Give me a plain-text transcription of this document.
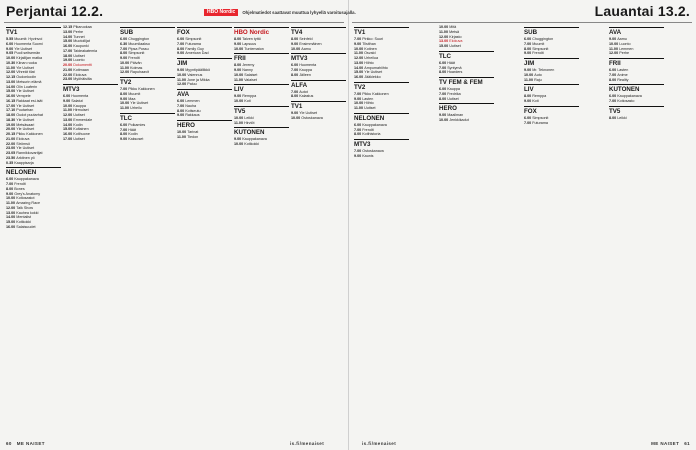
Perjantai 12.2.
TV1
5.55 Muumit: Hyvinvoi
6.00 Huomenta Suomi
9.00 Yle Uutiset
9.05 Puoli seitsemän
10.00 Kirjailijan matka
10.30 Kiinan ruoka
11.00 Yle Uutiset
12.00 Vihreät tilat
12.15 Oudonkodin
13.00 Metsurin elämä
14.00 Olin Loaferin
15.00 Yle Uutiset
16.00 Vempele
16.15 Rakkaat esi-isät
17.00 Yle Uutiset
17.10 Puutarhan
18.00 Oudot puutarhat
18.30 Yle Uutiset
19.00 Metsäsaari
20.00 Yle Uutiset
20.15 Pikku Kakkonen
21.00 Elokuva
22.00 Strömsö
23.00 Yle Uutiset
23.05 Rannikkovartijat
23.50 Arktinen yö
0.35 Kaappisarja
NELONEN
6.00 Kauppakanava
7.00 Frendit
8.00 Bones
9.00 Grey's Anatomy
10.00 Kotiosastot
11.00 Amazing Race
12.00 Talk Show
13.00 Kauhea kokki
14.00 Mentalist
15.00 Kotikokki
16.00 Salaisuudet
12.15 Pikaruokaa
13.00 Perhe
14.00 Tunnet
15.00 Muotoilijat
16.00 Kaupunki
17.00 Taideakatemia
18.00 Uutiset
19.00 Luonto
20.00 Dokumentti
21.00 Kotimaan
22.00 Elokuva
23.00 Myöhäisilta
MTV3
6.00 Huomenta
9.00 Salatut
10.00 Kauppa
11.00 Hirmuiset
12.00 Uutiset
13.00 Emmerdale
14.00 Kodin
15.00 Kultainen
16.00 Kotihuone
17.00 Uutiset
SUB
6.00 Chuggington
6.30 Muumilaakso
7.00 Pipsa Possu
8.00 Simpsonit
9.00 Frendit
10.00 Päivän
11.00 Kolmas
12.00 Rapuhaavit
TV2
7.00 Pikku Kakkonen
8.00 Muumit
9.00 Maa
10.00 Yle Uutiset
11.00 Urheilu
TLC
6.00 Poikamies
7.00 Häät
8.00 Kodin
9.00 Kaksoset
FOX
6.00 Simpsonit
7.00 Futurama
8.00 Family Guy
9.00 American Dad
JIM
9.00 Myyntipäällikkö
10.00 Vaiennus
11.00 Jone ja Mikka
12.00 Paluu
AVA
6.00 Lemmen
7.00 Nauha
8.00 Kotiseutu
9.00 Rakkaus
HERO
10.00 Tarinat
11.00 Tiedon
HBO Nordic
8.00 Talven tyttö
9.00 Lapsuus
10.00 Tuntematon
FRII
8.00 Jeremy
9.00 Nanny
10.00 Salaiset
11.00 Valaiset
LIV
9.00 Remppa
10.00 Koti
TV5
10.00 Leikki
11.00 Hirviöt
KUTONEN
9.00 Kauppakanava
10.00 Kotikokki
TV4
8.00 Seinfeld
9.00 Ensimmäinen
10.00 Aamu
MTV3
6.00 Huomenta
7.00 Kauppa
8.00 Jälleen
ALFA
7.00 Autot
8.00 Kalastus
TV1
9.00 Yle Uutiset
10.00 Ostoskanava
60 ME NAISET	is.fi/menaiset
HBO Nordic	Ohjelmatiedot saattavat muuttua lyhyellä varoitusajalla.	Lauantai 13.2.
TV1
7.00 Pirkko: Suuri
9.00 Tilsithan
10.00 Kotinen
11.00 Osvald
12.00 Urheilua
13.00 Hiihto
14.00 Ampumahiihto
15.00 Yle Uutiset
16.00 Jääkiekko
TV2
7.00 Pikku Kakkonen
9.00 Lasten
10.00 Hiihto
11.00 Uutiset
NELONEN
6.00 Kauppakanava
7.00 Frendit
8.00 Kotihistoria
MTV3
7.00 Ostoskanava
9.00 Kaunis
10.00 Mitä
11.00 Metsä
12.00 Kirjasto
13.00 Elokuva
15.00 Uutiset
TLC
6.00 Häät
7.00 Syntymä
8.00 Hoarders
TV FEM & FEM
6.00 Kauppa
7.00 Fredrika
8.00 Uutiset
HERO
9.00 Maailman
10.00 Jenkkikadut
SUB
6.00 Chuggington
7.00 Muumit
8.00 Simpsonit
9.00 Frendit
JIM
9.00 Mr. Teknonen
10.00 Auto
11.00 Raju
LIV
8.00 Remppa
9.00 Koti
FOX
6.00 Simpsonit
7.00 Futurama
AVA
9.00 Aamu
10.00 Luonto
11.00 Lemmen
12.00 Perhe
FRII
6.00 Lasten
7.00 Anime
8.00 Reality
KUTONEN
6.00 Kauppakanava
7.00 Kotiosasto
TV5
8.00 Leikki
is.fi/menaiset	ME NAISET 61
